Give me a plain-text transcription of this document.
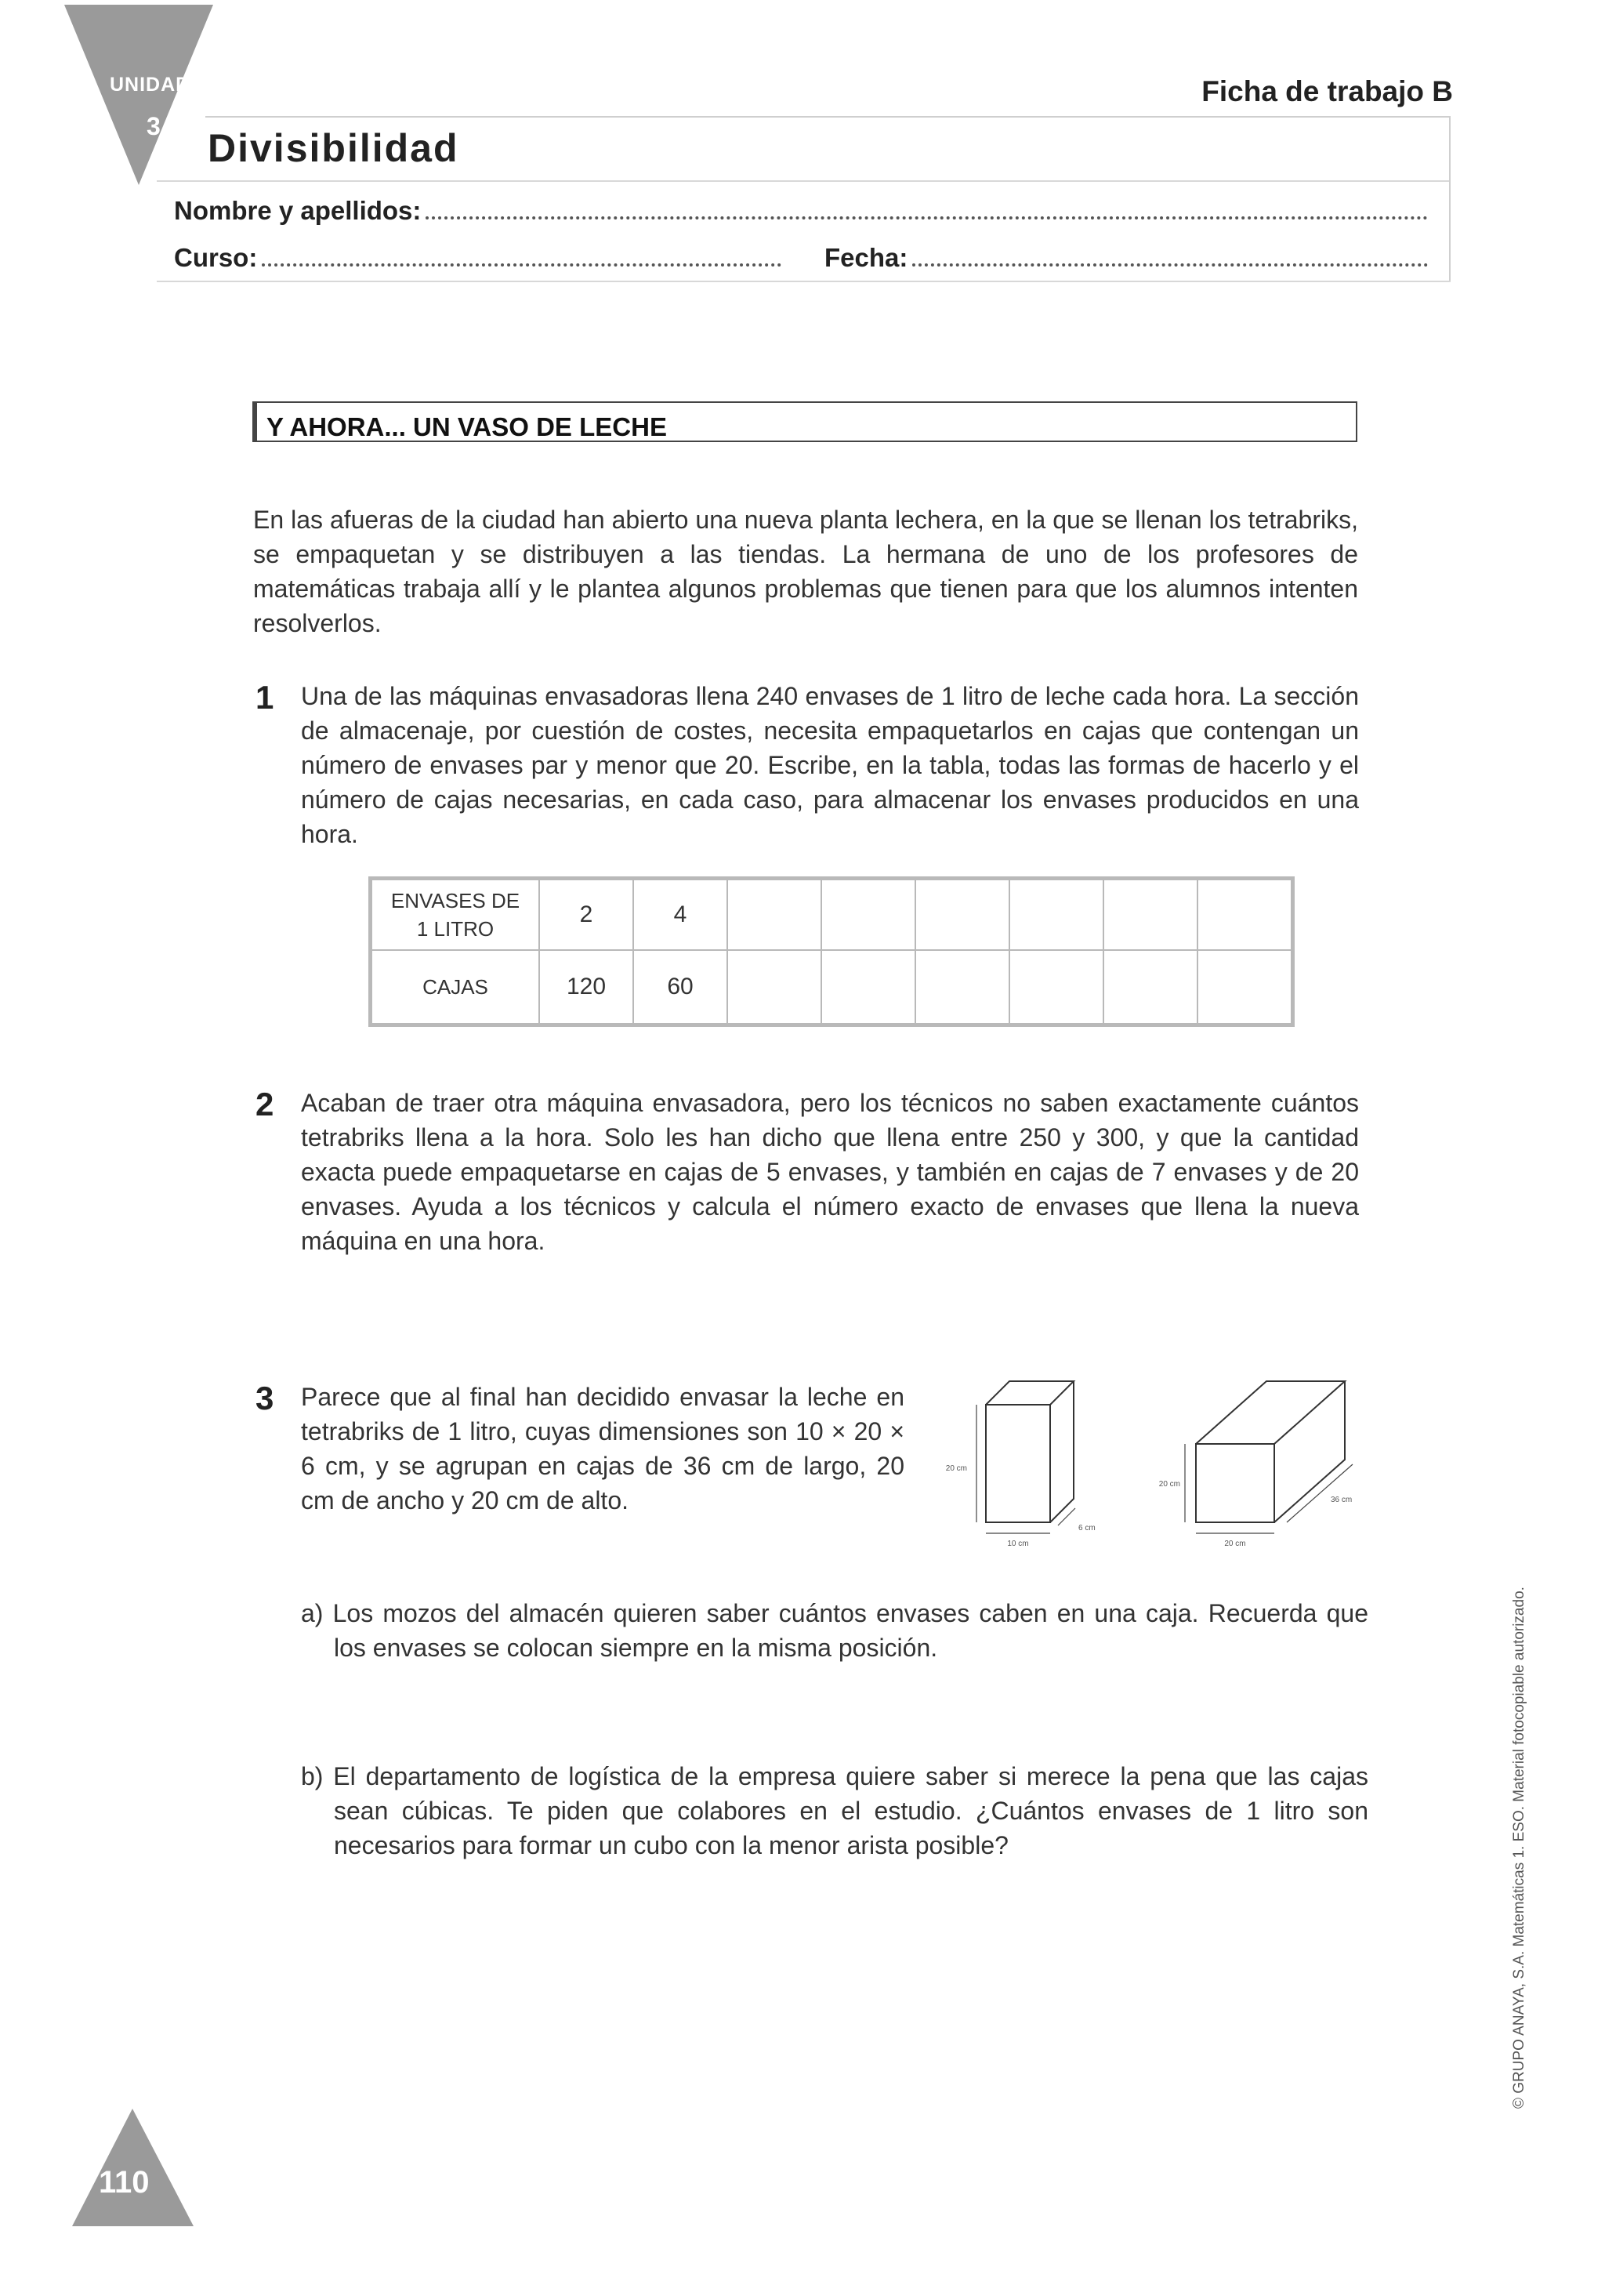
UNIDAD
3
Ficha de trabajo B
Divisibilidad
Nombre y apellidos:
Curso:	Fecha:
Y AHORA... UN VASO DE LECHE
En las afueras de la ciudad han abierto una nueva planta lechera, en la que se llenan los tetrabriks, se empaquetan y se distribuyen a las tiendas. La hermana de uno de los profesores de matemáticas trabaja allí y le plantea algunos problemas que tienen para que los alumnos intenten resolverlos.
1 Una de las máquinas envasadoras llena 240 envases de 1 litro de leche cada hora. La sección de almacenaje, por cuestión de costes, necesita empaquetarlos en cajas que contengan un número de envases par y menor que 20. Escribe, en la tabla, todas las formas de hacerlo y el número de cajas necesarias, en cada caso, para almacenar los envases producidos en una hora.
ENVASES DE
1 LITRO	2	4						
CAJAS	120	60						
2 Acaban de traer otra máquina envasadora, pero los técnicos no saben exactamente cuántos tetrabriks llena a la hora. Solo les han dicho que llena entre 250 y 300, y que la cantidad exacta puede empaquetarse en cajas de 5 envases, y también en cajas de 7 envases y de 20 envases. Ayuda a los técnicos y calcula el número exacto de envases que llena la nueva máquina en una hora.
3 Parece que al final han decidido envasar la leche en tetrabriks de 1 litro, cuyas dimensiones son 10 × 20 × 6 cm, y se agrupan en cajas de 36 cm de largo, 20 cm de ancho y 20 cm de alto.
20 cm
10 cm
6 cm
20 cm
20 cm
36 cm
a) Los mozos del almacén quieren saber cuántos envases caben en una caja. Recuerda que los envases se colocan siempre en la misma posición.
b) El departamento de logística de la empresa quiere saber si merece la pena que las cajas sean cúbicas. Te piden que colabores en el estudio. ¿Cuántos envases de 1 litro son necesarios para formar un cubo con la menor arista posible?	© GRUPO ANAYA, S.A. Matemáticas 1. ESO. Material fotocopiable autorizado.
110
